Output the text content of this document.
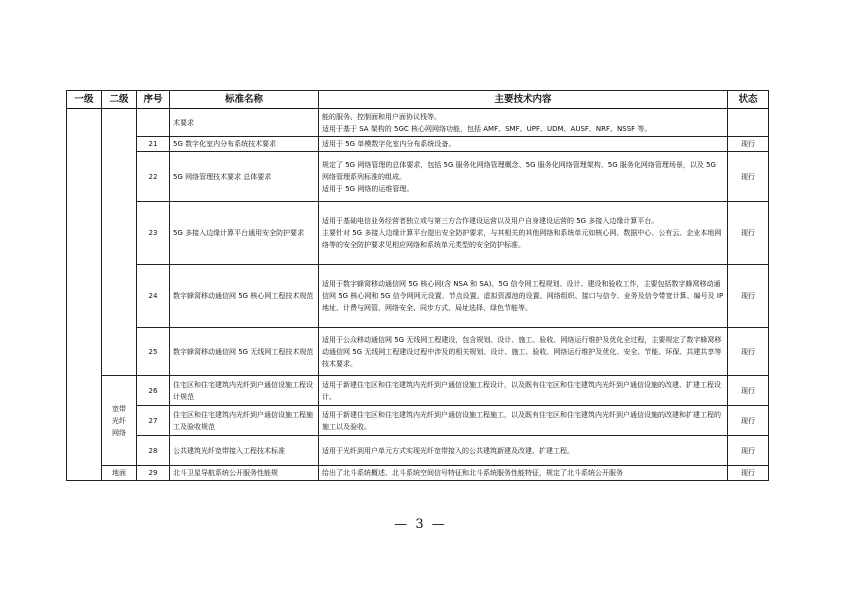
一级	二级	序号	标准名称	主要技术内容	状态
			术要求	能的服务、控制面和用户面协议栈等。
适用于基于 SA 架构的 5GC 核心网网络功能，包括 AMF、SMF、UPF、UDM、AUSF、NRF、NSSF 等。	

		21	5G 数字化室内分布系统技术要求	适用于 5G 单模数字化室内分布系统设备。	现行
		22	5G 网络管理技术要求 总体要求	规定了 5G 网络管理的总体要求，包括 5G 服务化网络管理概念、5G 服务化网络管理架构、5G 服务化网络管理场景，以及 5G 网络管理系列标准的组成。
适用于 5G 网络的运维管理。	现行
		23	5G 多接入边缘计算平台通用安全防护要求	适用于基础电信业务经营者独立或与第三方合作建设运营以及用户自身建设运营的 5G 多接入边缘计算平台。
主要针对 5G 多接入边缘计算平台提出安全防护要求，与其相关的其他网络和系统单元如核心网、数据中心、公有云、企业本地网络等的安全防护要求见相应网络和系统单元类型的安全防护标准。	现行
		24	数字蜂窝移动通信网 5G 核心网工程技术规范	适用于数字蜂窝移动通信网 5G 核心网(含 NSA 和 SA)、5G 信令网工程规划、设计、建设和验收工作，主要包括数字蜂窝移动通信网 5G 核心网和 5G 信令网网元设置、节点设置、虚拟资源池的设置、网络组织、接口与信令、业务及信令带宽计算、编号及 IP 地址、计费与网管、网络安全、同步方式、局址选择、绿色节能等。	现行
		25	数字蜂窝移动通信网 5G 无线网工程技术规范	适用于公众移动通信网 5G 无线网工程建设，包含规划、设计、施工、验收、网络运行维护及优化全过程，主要规定了数字蜂窝移动通信网 5G 无线网工程建设过程中涉及的相关规划、设计、施工、验收、网络运行维护及优化、安全、节能、环保、共建共享等技术要求。	现行
	宽带光纤网络	26	住宅区和住宅建筑内光纤到户通信设施工程设计规范	适用于新建住宅区和住宅建筑内光纤到户通信设施工程设计，以及既有住宅区和住宅建筑内光纤到户通信设施的改建、扩建工程设计。	现行
		27	住宅区和住宅建筑内光纤到户通信设施工程施工及验收规范	适用于新建住宅区和住宅建筑内光纤到户通信设施工程施工，以及既有住宅区和住宅建筑内光纤到户通信设施的改建和扩建工程的施工以及验收。	现行
		28	公共建筑光纤宽带接入工程技术标准	适用于光纤到用户单元方式实现光纤宽带接入的公共建筑新建及改建、扩建工程。	现行
	地面	29	北斗卫星导航系统公开服务性能规	给出了北斗系统概述、北斗系统空间信号特征和北斗系统服务性能特征，规定了北斗系统公开服务	现行
— 3 —
